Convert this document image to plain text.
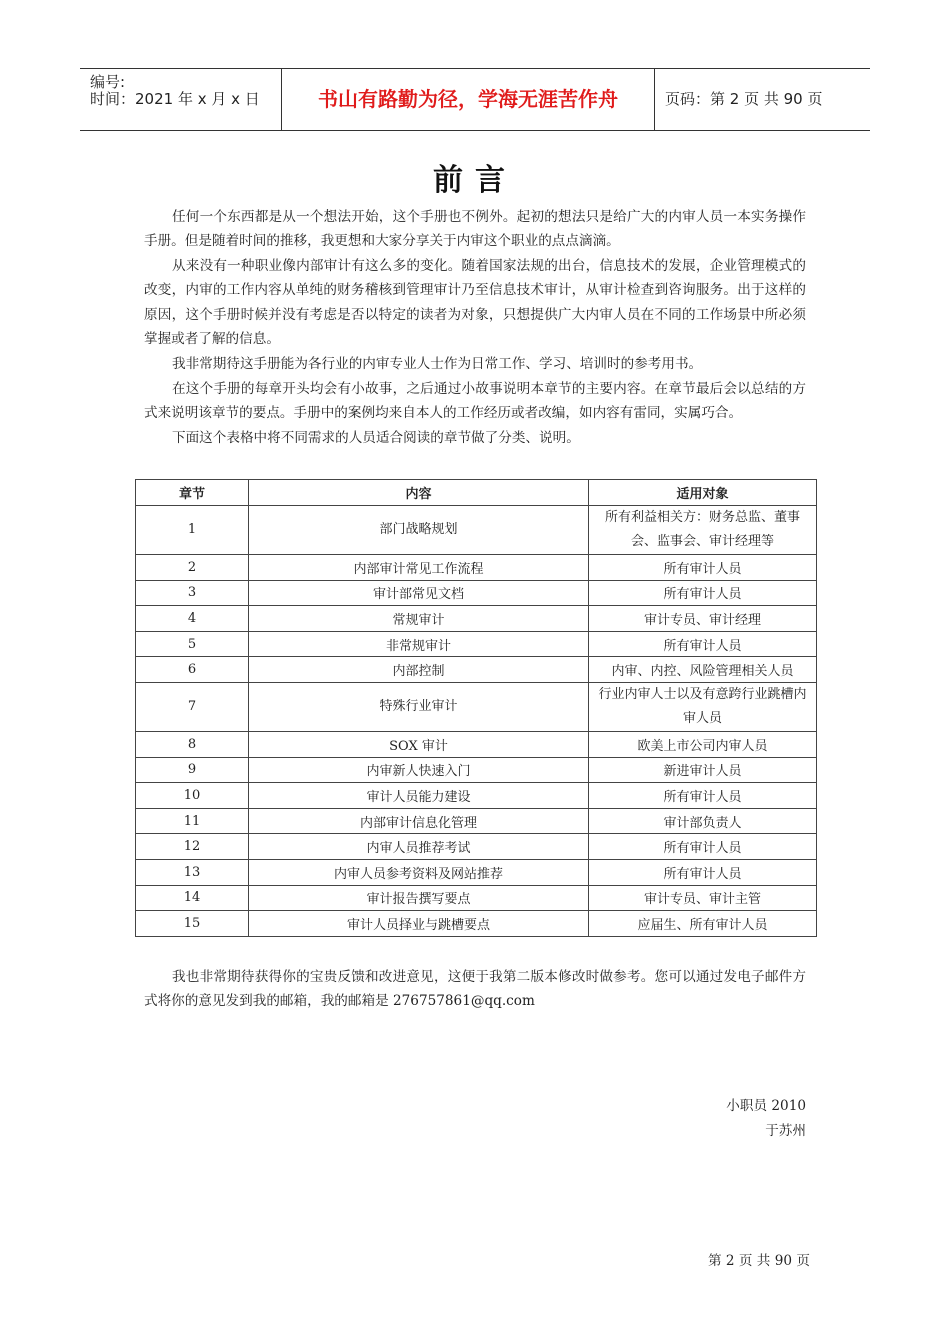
编号:
时间：2021 年 x 月 x 日	书山有路勤为径，学海无涯苦作舟	页码：第 2 页 共 90 页
前言

任何一个东西都是从一个想法开始，这个手册也不例外。起初的想法只是给广大的内审人员一本实务操作手册。但是随着时间的推移，我更想和大家分享关于内审这个职业的点点滴滴。

从来没有一种职业像内部审计有这么多的变化。随着国家法规的出台，信息技术的发展，企业管理模式的改变，内审的工作内容从单纯的财务稽核到管理审计乃至信息技术审计，从审计检查到咨询服务。出于这样的原因，这个手册时候并没有考虑是否以特定的读者为对象，只想提供广大内审人员在不同的工作场景中所必须掌握或者了解的信息。

我非常期待这手册能为各行业的内审专业人士作为日常工作、学习、培训时的参考用书。

在这个手册的每章开头均会有小故事，之后通过小故事说明本章节的主要内容。在章节最后会以总结的方式来说明该章节的要点。手册中的案例均来自本人的工作经历或者改编，如内容有雷同，实属巧合。

下面这个表格中将不同需求的人员适合阅读的章节做了分类、说明。

章节	内容	适用对象
1	部门战略规划	所有利益相关方：财务总监、董事会、监事会、审计经理等
2	内部审计常见工作流程	所有审计人员
3	审计部常见文档	所有审计人员
4	常规审计	审计专员、审计经理
5	非常规审计	所有审计人员
6	内部控制	内审、内控、风险管理相关人员
7	特殊行业审计	行业内审人士以及有意跨行业跳槽内审人员
8	SOX 审计	欧美上市公司内审人员
9	内审新人快速入门	新进审计人员
10	审计人员能力建设	所有审计人员
11	内部审计信息化管理	审计部负责人
12	内审人员推荐考试	所有审计人员
13	内审人员参考资料及网站推荐	所有审计人员
14	审计报告撰写要点	审计专员、审计主管
15	审计人员择业与跳槽要点	应届生、所有审计人员

我也非常期待获得你的宝贵反馈和改进意见，这便于我第二版本修改时做参考。您可以通过发电子邮件方式将你的意见发到我的邮箱，我的邮箱是 276757861@qq.com

小职员 2010
于苏州
第 2 页 共 90 页
